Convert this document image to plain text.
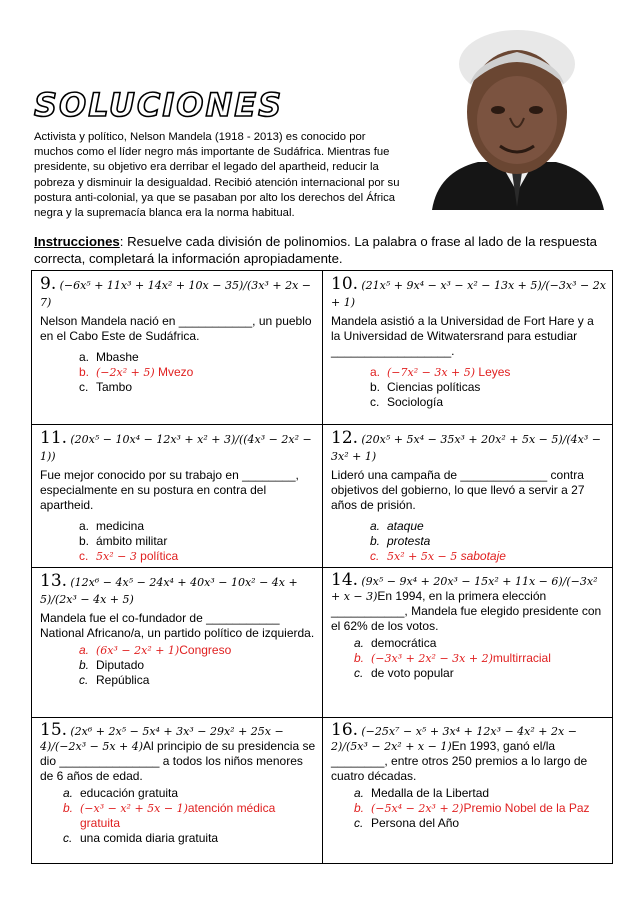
SOLUCIONES

Activista y político, Nelson Mandela (1918 - 2013) es conocido por muchos como el líder negro más importante de Sudáfrica. Mientras fue presidente, su objetivo era derribar el legado del apartheid, reducir la pobreza y disminuir la desigualdad. Recibió atención internacional por su postura anti-colonial, ya que se pasaban por alto los derechos del África negra y la supremacía blanca era la norma habitual.

Instrucciones: Resuelve cada división de polinomios. La palabra o frase al lado de la respuesta correcta, completará la información apropiadamente.

9. (−6x⁵ + 11x³ + 14x² + 10x − 35)/(3x³ + 2x − 7)

Nelson Mandela nació en ___________, un pueblo en el Cabo Este de Sudáfrica.

a. Mbashe
b. (−2x² + 5) Mvezo
c. Tambo

10. (21x⁵ + 9x⁴ − x³ − x² − 13x + 5)/(−3x³ − 2x + 1)

Mandela asistió a la Universidad de Fort Hare y a la Universidad de Witwatersrand para estudiar __________________.

a. (−7x² − 3x + 5) Leyes
b. Ciencias políticas
c. Sociología

11. (20x⁵ − 10x⁴ − 12x³ + x² + 3)/((4x³ − 2x² − 1))

Fue mejor conocido por su trabajo en ________, especialmente en su postura en contra del apartheid.

a. medicina
b. ámbito militar
c. 5x² − 3 política

12. (20x⁵ + 5x⁴ − 35x³ + 20x² + 5x − 5)/(4x³ − 3x² + 1)

Lideró una campaña de _____________ contra objetivos del gobierno, lo que llevó a servir a 27 años de prisión.

a. ataque
b. protesta
c. 5x² + 5x − 5 sabotaje

13. (12x⁶ − 4x⁵ − 24x⁴ + 40x³ − 10x² − 4x + 5)/(2x³ − 4x + 5)

Mandela fue el co-fundador de ___________ National Africano/a, un partido político de izquierda.

a. (6x³ − 2x² + 1)Congreso
b. Diputado
c. República

14. (9x⁵ − 9x⁴ + 20x³ − 15x² + 11x − 6)/(−3x² + x − 3)En 1994, en la primera elección ___________, Mandela fue elegido presidente con el 62% de los votos.

a. democrática
b. (−3x³ + 2x² − 3x + 2)multirracial
c. de voto popular

15. (2x⁶ + 2x⁵ − 5x⁴ + 3x³ − 29x² + 25x − 4)/(−2x³ − 5x + 4)Al principio de su presidencia se dio _______________ a todos los niños menores de 6 años de edad.

a. educación gratuita
b. (−x³ − x² + 5x − 1)atención médica gratuita
c. una comida diaria gratuita

16. (−25x⁷ − x⁵ + 3x⁴ + 12x³ − 4x² + 2x − 2)/(5x³ − 2x² + x − 1)En 1993, ganó el/la ________, entre otros 250 premios a lo largo de cuatro décadas.

a. Medalla de la Libertad
b. (−5x⁴ − 2x³ + 2)Premio Nobel de la Paz
c. Persona del Año
